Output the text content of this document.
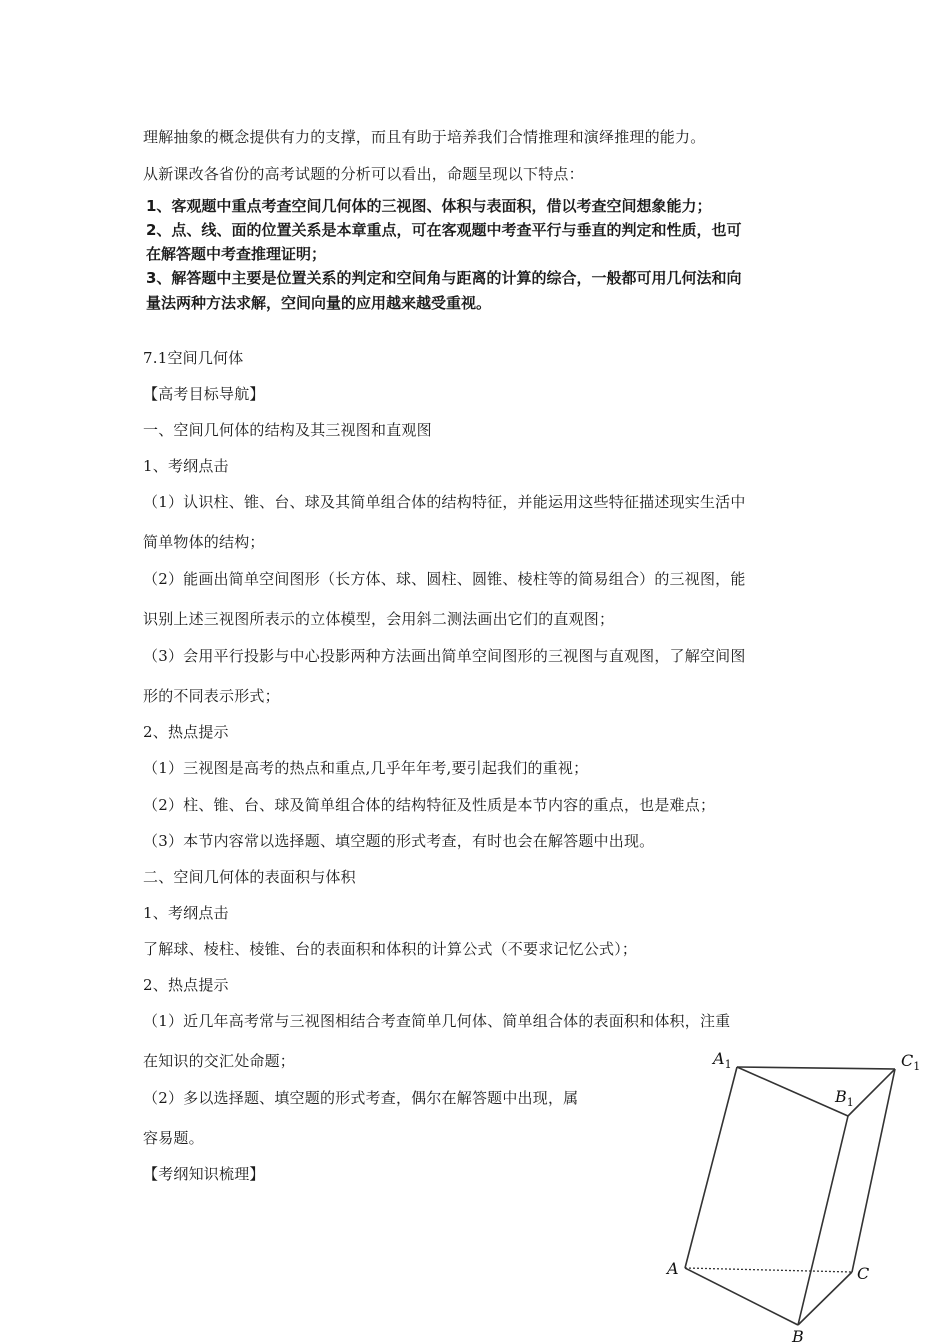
理解抽象的概念提供有力的支撑，而且有助于培养我们合情推理和演绎推理的能力。
从新课改各省份的高考试题的分析可以看出，命题呈现以下特点：
1、客观题中重点考查空间几何体的三视图、体积与表面积，借以考查空间想象能力；
2、点、线、面的位置关系是本章重点，可在客观题中考查平行与垂直的判定和性质，也可
在解答题中考查推理证明；
3、解答题中主要是位置关系的判定和空间角与距离的计算的综合，一般都可用几何法和向
量法两种方法求解，空间向量的应用越来越受重视。
7.1空间几何体
【高考目标导航】
一、空间几何体的结构及其三视图和直观图
1、考纲点击
（1）认识柱、锥、台、球及其简单组合体的结构特征，并能运用这些特征描述现实生活中
简单物体的结构；
（2）能画出简单空间图形（长方体、球、圆柱、圆锥、棱柱等的简易组合）的三视图，能
识别上述三视图所表示的立体模型，会用斜二测法画出它们的直观图；
（3）会用平行投影与中心投影两种方法画出简单空间图形的三视图与直观图，了解空间图
形的不同表示形式；
2、热点提示
（1）三视图是高考的热点和重点,几乎年年考,要引起我们的重视；
（2）柱、锥、台、球及简单组合体的结构特征及性质是本节内容的重点，也是难点；
（3）本节内容常以选择题、填空题的形式考查，有时也会在解答题中出现。
二、空间几何体的表面积与体积
1、考纲点击
了解球、棱柱、棱锥、台的表面积和体积的计算公式（不要求记忆公式）；
2、热点提示
（1）近几年高考常与三视图相结合考查简单几何体、简单组合体的表面积和体积，注重
在知识的交汇处命题；
（2）多以选择题、填空题的形式考查，偶尔在解答题中出现，属
容易题。
【考纲知识梳理】
$A_1$	$C_1$
$B_1$
A	C
B
